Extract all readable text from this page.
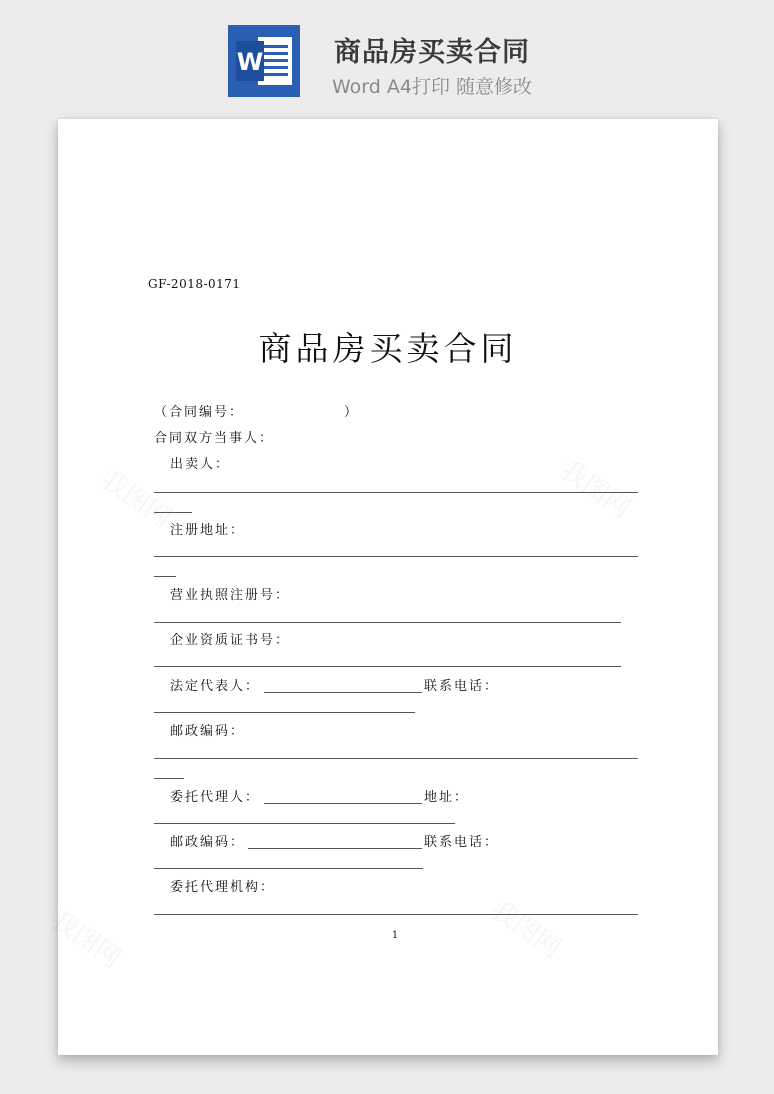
W	商品房买卖合同
Word A4打印 随意修改
GF-2018-0171
商品房买卖合同
（合同编号：	）
合同双方当事人：
出卖人：
注册地址：
营业执照注册号：
企业资质证书号：
法定代表人：	联系电话：
邮政编码：
委托代理人：	地址：
邮政编码：	联系电话：
委托代理机构：
1
